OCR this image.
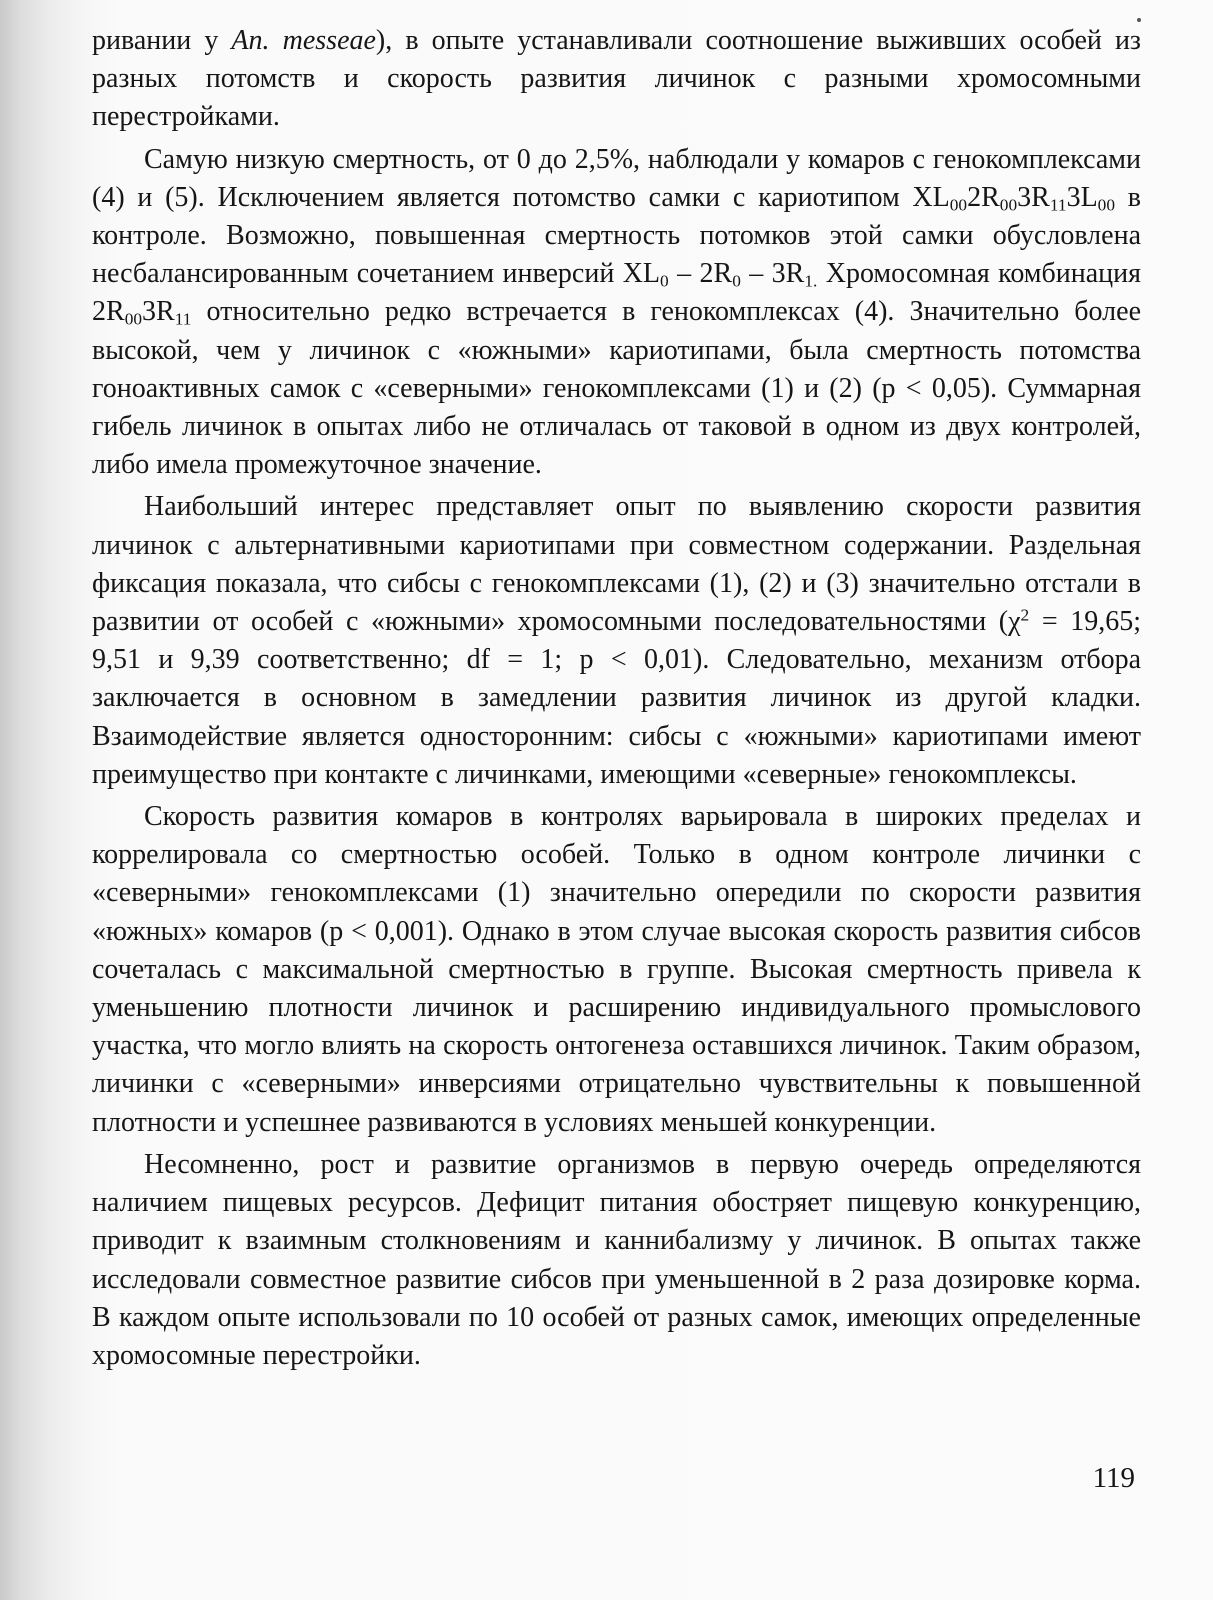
ривании у An. messeae), в опыте устанавливали соотношение выживших особей из разных потомств и скорость развития личинок с разными хромосомными перестройками.

Самую низкую смертность, от 0 до 2,5%, наблюдали у комаров с генокомплексами (4) и (5). Исключением является потомство самки с кариотипом $XL_{00}2R_{00}3R_{11}3L_{00}$ в контроле. Возможно, повышенная смертность потомков этой самки обусловлена несбалансированным сочетанием инверсий $XL_0 - 2R_0 - 3R_{1.}$ Хромосомная комбинация $2R_{00}3R_{11}$ относительно редко встречается в генокомплексах (4). Значительно более высокой, чем у личинок с «южными» кариотипами, была смертность потомства гоноактивных самок с «северными» генокомплексами (1) и (2) (p < 0,05). Суммарная гибель личинок в опытах либо не отличалась от таковой в одном из двух контролей, либо имела промежуточное значение.

Наибольший интерес представляет опыт по выявлению скорости развития личинок с альтернативными кариотипами при совместном содержании. Раздельная фиксация показала, что сибсы с генокомплексами (1), (2) и (3) значительно отстали в развитии от особей с «южными» хромосомными последовательностями ($\chi^2 = 19,65$; 9,51 и 9,39 соответственно; df = 1; p < 0,01). Следовательно, механизм отбора заключается в основном в замедлении развития личинок из другой кладки. Взаимодействие является односторонним: сибсы с «южными» кариотипами имеют преимущество при контакте с личинками, имеющими «северные» генокомплексы.

Скорость развития комаров в контролях варьировала в широких пределах и коррелировала со смертностью особей. Только в одном контроле личинки с «северными» генокомплексами (1) значительно опередили по скорости развития «южных» комаров (p < 0,001). Однако в этом случае высокая скорость развития сибсов сочеталась с максимальной смертностью в группе. Высокая смертность привела к уменьшению плотности личинок и расширению индивидуального промыслового участка, что могло влиять на скорость онтогенеза оставшихся личинок. Таким образом, личинки с «северными» инверсиями отрицательно чувствительны к повышенной плотности и успешнее развиваются в условиях меньшей конкуренции.

Несомненно, рост и развитие организмов в первую очередь определяются наличием пищевых ресурсов. Дефицит питания обостряет пищевую конкуренцию, приводит к взаимным столкновениям и каннибализму у личинок. В опытах также исследовали совместное развитие сибсов при уменьшенной в 2 раза дозировке корма. В каждом опыте использовали по 10 особей от разных самок, имеющих определенные хромосомные перестройки.

119
